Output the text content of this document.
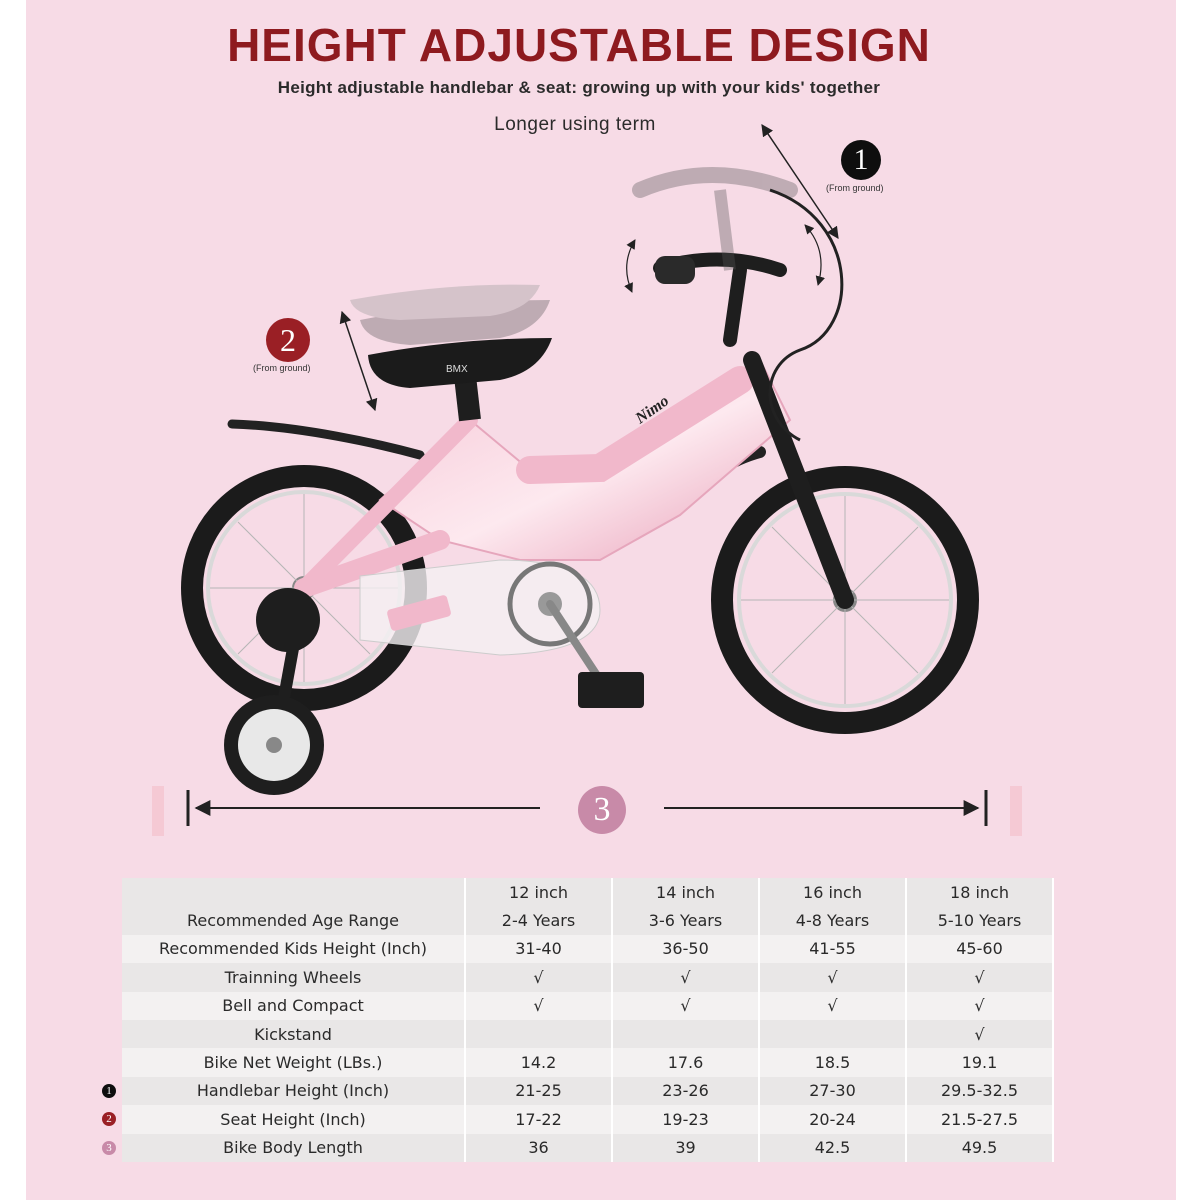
HEIGHT ADJUSTABLE DESIGN
Height adjustable handlebar & seat: growing up with your kids' together
Longer using term
Nimo
BMX
1
(From ground)
2
(From ground)
3
	12 inch	14 inch	16 inch	18 inch
Recommended Age Range	2-4 Years	3-6 Years	4-8 Years	5-10 Years
Recommended Kids Height (Inch)	31-40	36-50	41-55	45-60
Trainning Wheels	√	√	√	√
Bell and Compact	√	√	√	√
Kickstand				√
Bike Net Weight (LBs.)	14.2	17.6	18.5	19.1
Handlebar Height (Inch)	21-25	23-26	27-30	29.5-32.5
Seat Height (Inch)	17-22	19-23	20-24	21.5-27.5
Bike Body Length	36	39	42.5	49.5
1
2
3
